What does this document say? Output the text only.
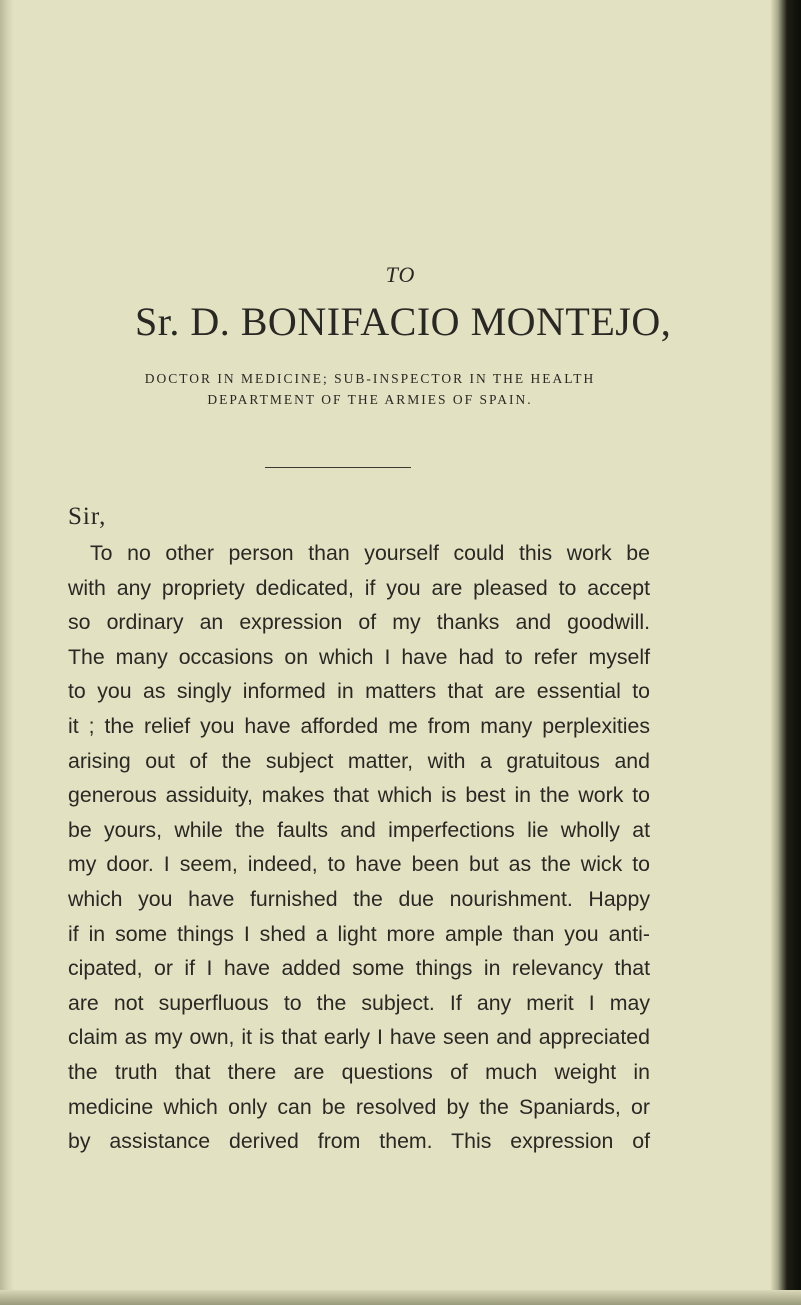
TO
Sr. D. BONIFACIO MONTEJO,
DOCTOR IN MEDICINE; SUB-INSPECTOR IN THE HEALTH
DEPARTMENT OF THE ARMIES OF SPAIN.
Sir,
To no other person than yourself could this work be
with any propriety dedicated, if you are pleased to accept
so ordinary an expression of my thanks and goodwill.
The many occasions on which I have had to refer myself
to you as singly informed in matters that are essential to
it ; the relief you have afforded me from many perplexities
arising out of the subject matter, with a gratuitous and
generous assiduity, makes that which is best in the work to
be yours, while the faults and imperfections lie wholly at
my door. I seem, indeed, to have been but as the wick to
which you have furnished the due nourishment. Happy
if in some things I shed a light more ample than you anti-
cipated, or if I have added some things in relevancy that
are not superfluous to the subject. If any merit I may
claim as my own, it is that early I have seen and appreciated
the truth that there are questions of much weight in
medicine which only can be resolved by the Spaniards, or
by assistance derived from them. This expression of
